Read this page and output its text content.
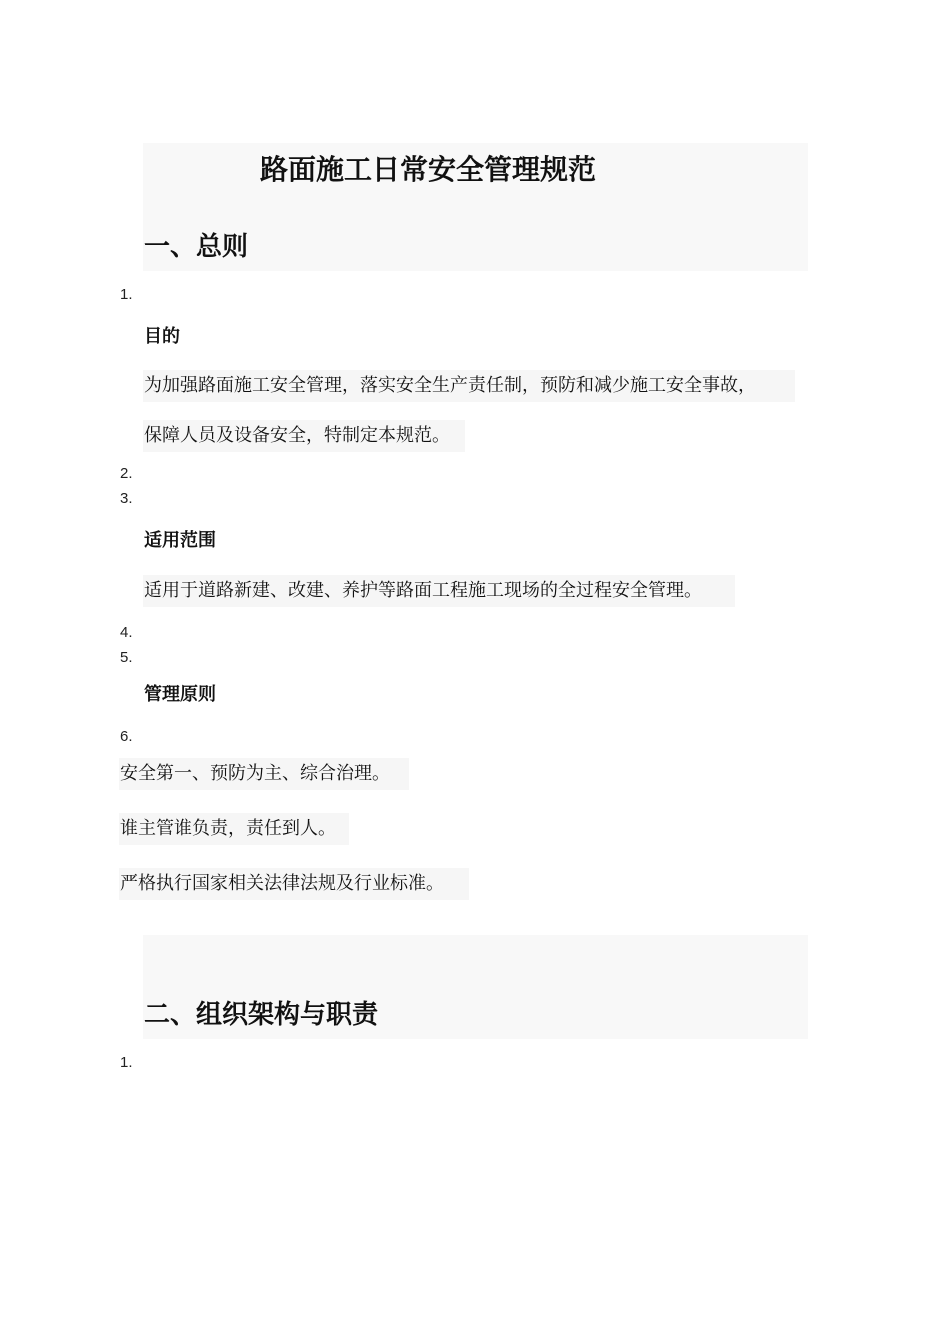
路面施工日常安全管理规范
一、总则
1.
目的
为加强路面施工安全管理，落实安全生产责任制，预防和减少施工安全事故，
保障人员及设备安全，特制定本规范。
2.
3.
适用范围
适用于道路新建、改建、养护等路面工程施工现场的全过程安全管理。
4.
5.
管理原则
6.
安全第一、预防为主、综合治理。
谁主管谁负责，责任到人。
严格执行国家相关法律法规及行业标准。
二、组织架构与职责
1.
